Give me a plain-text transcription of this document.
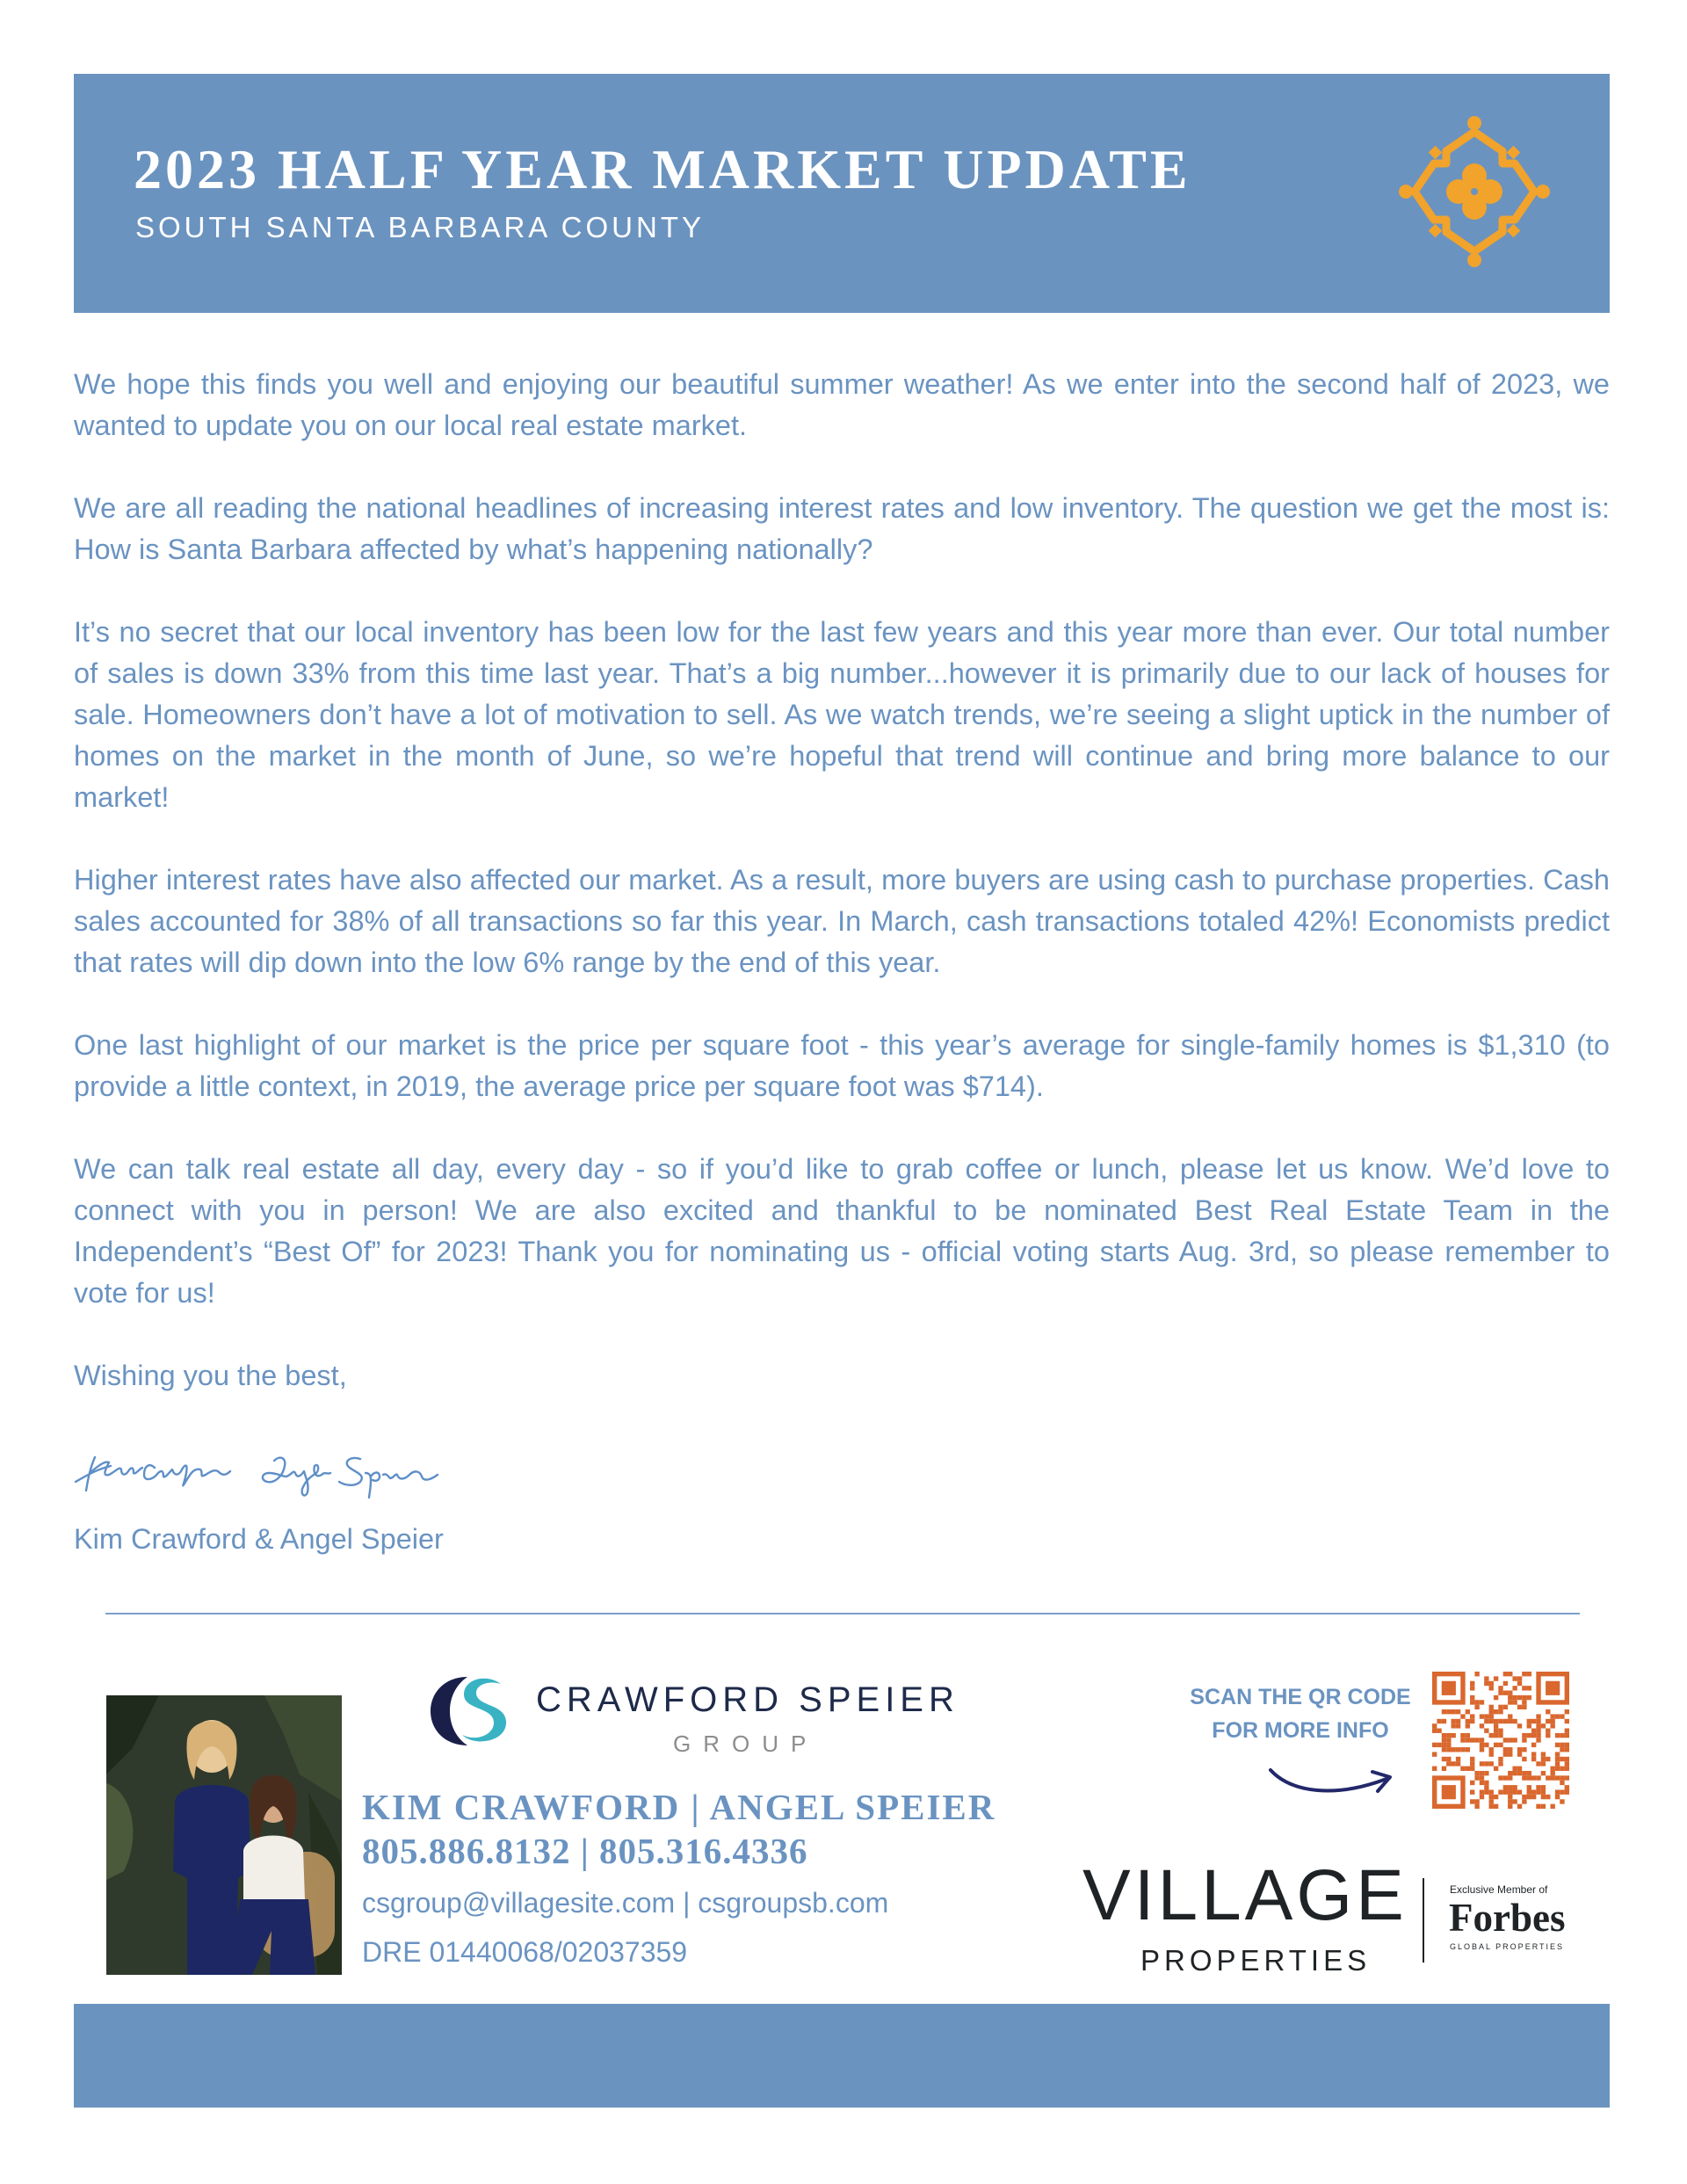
2023 HALF YEAR MARKET UPDATE
SOUTH SANTA BARBARA COUNTY

We hope this finds you well and enjoying our beautiful summer weather! As we enter into the second half of 2023, we wanted to update you on our local real estate market.

We are all reading the national headlines of increasing interest rates and low inventory. The question we get the most is: How is Santa Barbara affected by what’s happening nationally?

It’s no secret that our local inventory has been low for the last few years and this year more than ever. Our total number of sales is down 33% from this time last year. That’s a big number...however it is primarily due to our lack of houses for sale. Homeowners don’t have a lot of motivation to sell. As we watch trends, we’re seeing a slight uptick in the number of homes on the market in the month of June, so we’re hopeful that trend will continue and bring more balance to our market!

Higher interest rates have also affected our market. As a result, more buyers are using cash to purchase properties. Cash sales accounted for 38% of all transactions so far this year. In March, cash transactions totaled 42%! Economists predict that rates will dip down into the low 6% range by the end of this year.

One last highlight of our market is the price per square foot - this year’s average for single-family homes is $1,310 (to provide a little context, in 2019, the average price per square foot was $714).

We can talk real estate all day, every day - so if you’d like to grab coffee or lunch, please let us know. We’d love to connect with you in person! We are also excited and thankful to be nominated Best Real Estate Team in the Independent’s “Best Of” for 2023! Thank you for nominating us - official voting starts Aug. 3rd, so please remember to vote for us!

Wishing you the best,

Kim Crawford & Angel Speier
CRAWFORD SPEIER
GROUP
KIM CRAWFORD | ANGEL SPEIER
805.886.8132 | 805.316.4336
csgroup@villagesite.com | csgroupsb.com
DRE 01440068/02037359
SCAN THE QR CODE
FOR MORE INFO
VILLAGE
PROPERTIES
Exclusive Member of
Forbes
GLOBAL PROPERTIES
